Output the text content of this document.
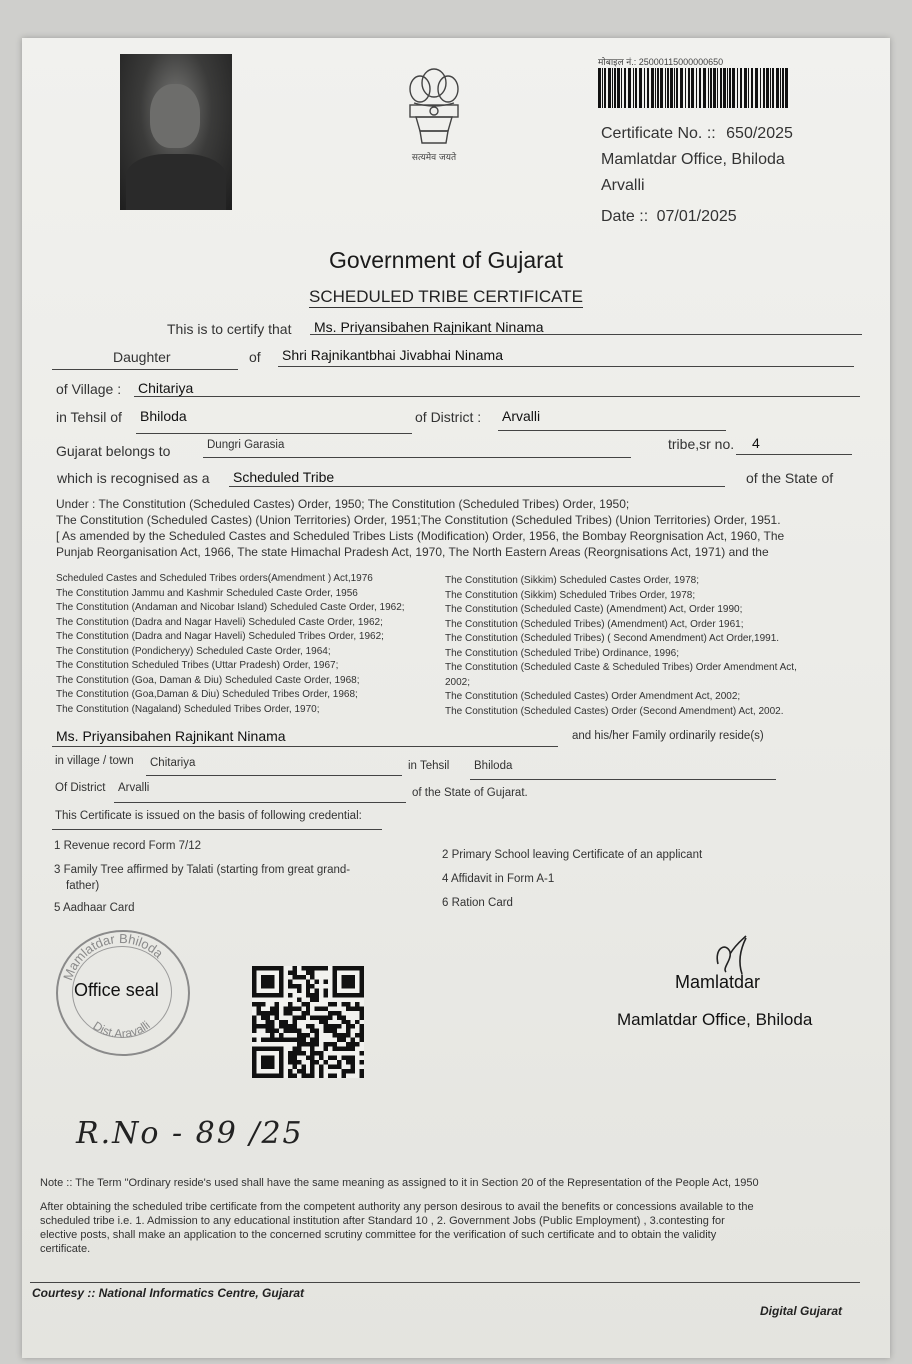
सत्यमेव जयते
मोबाइल नं.: 25000115000000650
Certificate No. :: 650/2025
Mamlatdar Office, Bhiloda
Arvalli
Date :: 07/01/2025
Government of Gujarat
SCHEDULED TRIBE CERTIFICATE
This is to certify that Ms. Priyansibahen Rajnikant Ninama
Daughter	of Shri Rajnikantbhai Jivabhai Ninama
of Village : Chitariya
in Tehsil of Bhiloda	of District : Arvalli
Gujarat belongs to	Dungri Garasia	tribe,sr no. 4
which is recognised as a Scheduled Tribe	of the State of
Under : The Constitution (Scheduled Castes) Order, 1950; The Constitution (Scheduled Tribes) Order, 1950;
The Constitution (Scheduled Castes) (Union Territories) Order, 1951;The Constitution (Scheduled Tribes) (Union Territories) Order, 1951.
[ As amended by the Scheduled Castes and Scheduled Tribes Lists (Modification) Order, 1956, the Bombay Reorgnisation Act, 1960, The
Punjab Reorganisation Act, 1966, The state Himachal Pradesh Act, 1970, The North Eastern Areas (Reorgnisations Act, 1971) and the
Scheduled Castes and Scheduled Tribes orders(Amendment ) Act,1976
The Constitution Jammu and Kashmir Scheduled Caste Order, 1956
The Constitution (Andaman and Nicobar Island) Scheduled Caste Order, 1962;
The Constitution (Dadra and Nagar Haveli) Scheduled Caste Order, 1962;
The Constitution (Dadra and Nagar Haveli) Scheduled Tribes Order, 1962;
The Constitution (Pondicheryy) Scheduled Caste Order, 1964;
The Constitution Scheduled Tribes (Uttar Pradesh) Order, 1967;
The Constitution (Goa, Daman & Diu) Scheduled Caste Order, 1968;
The Constitution (Goa,Daman & Diu) Scheduled Tribes Order, 1968;
The Constitution (Nagaland) Scheduled Tribes Order, 1970;
The Constitution (Sikkim) Scheduled Castes Order, 1978;
The Constitution (Sikkim) Scheduled Tribes Order, 1978;
The Constitution (Scheduled Caste) (Amendment) Act, Order 1990;
The Constitution (Scheduled Tribes) (Amendment) Act, Order 1961;
The Constitution (Scheduled Tribes) ( Second Amendment) Act Order,1991.
The Constitution (Scheduled Tribe) Ordinance, 1996;
The Constitution (Scheduled Caste & Scheduled Tribes) Order Amendment Act,
2002;
The Constitution (Scheduled Castes) Order Amendment Act, 2002;
The Constitution (Scheduled Castes) Order (Second Amendment) Act, 2002.
Ms. Priyansibahen Rajnikant Ninama	and his/her Family ordinarily reside(s)
in village / town Chitariya	in Tehsil Bhiloda
Of District Arvalli	of the State of Gujarat.
This Certificate is issued on the basis of following credential:
1 Revenue record Form 7/12
3 Family Tree affirmed by Talati (starting from great grand-
father)
5 Aadhaar Card
2 Primary School leaving Certificate of an applicant
4 Affidavit in Form A-1
6 Ration Card
Mamlatdar Bhiloda
Dist.Aravalli
Office seal	Mamlatdar
Mamlatdar Office, Bhiloda
R.No - 89 /25
Note :: The Term "Ordinary reside's used shall have the same meaning as assigned to it in Section 20 of the Representation of the People Act, 1950
After obtaining the scheduled tribe certificate from the competent authority any person desirous to avail the benefits or concessions available to the
scheduled tribe i.e. 1. Admission to any educational institution after Standard 10 , 2. Government Jobs (Public Employment) , 3.contesting for
elective posts, shall make an application to the concerned scrutiny committee for the verification of such certificate and to obtain the validity
certificate.
Courtesy :: National Informatics Centre, Gujarat
Digital Gujarat
